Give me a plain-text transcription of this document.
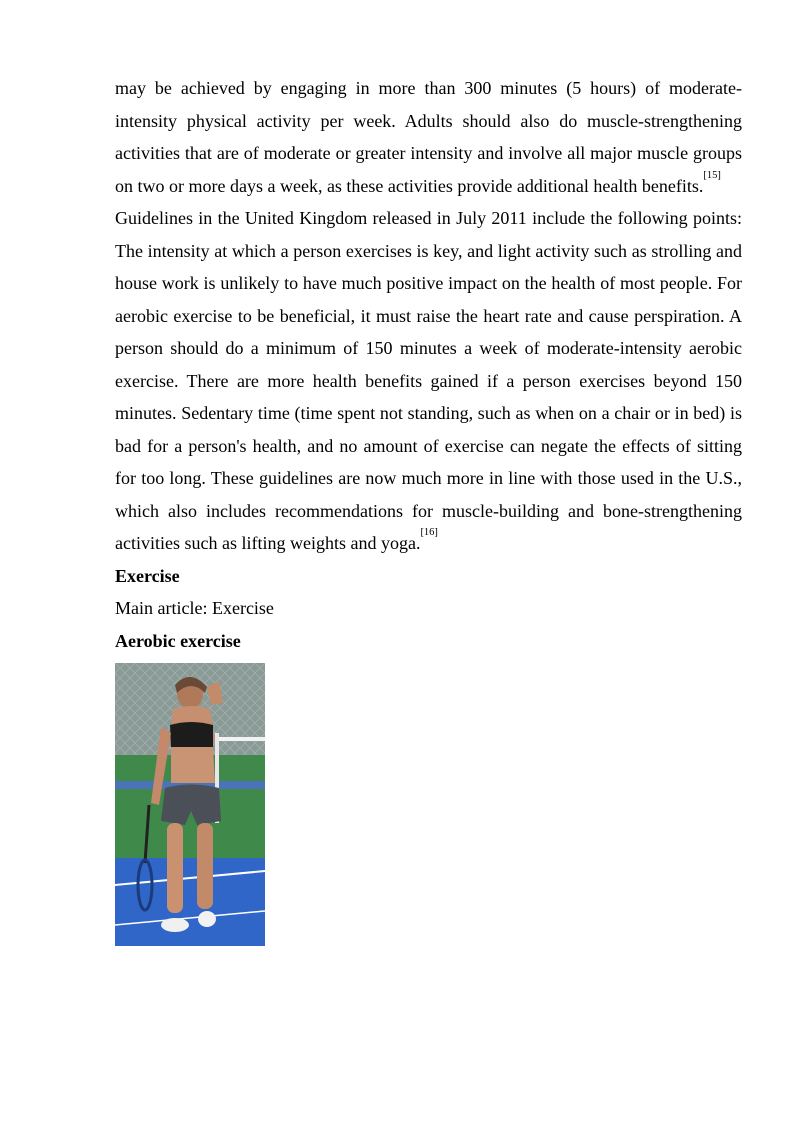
may be achieved by engaging in more than 300 minutes (5 hours) of moderate-intensity physical activity per week. Adults should also do muscle-strengthening activities that are of moderate or greater intensity and involve all major muscle groups on two or more days a week, as these activities provide additional health benefits.[15]

Guidelines in the United Kingdom released in July 2011 include the following points: The intensity at which a person exercises is key, and light activity such as strolling and house work is unlikely to have much positive impact on the health of most people. For aerobic exercise to be beneficial, it must raise the heart rate and cause perspiration. A person should do a minimum of 150 minutes a week of moderate-intensity aerobic exercise. There are more health benefits gained if a person exercises beyond 150 minutes. Sedentary time (time spent not standing, such as when on a chair or in bed) is bad for a person's health, and no amount of exercise can negate the effects of sitting for too long. These guidelines are now much more in line with those used in the U.S., which also includes recommendations for muscle-building and bone-strengthening activities such as lifting weights and yoga.[16]

Exercise

Main article: Exercise

Aerobic exercise
